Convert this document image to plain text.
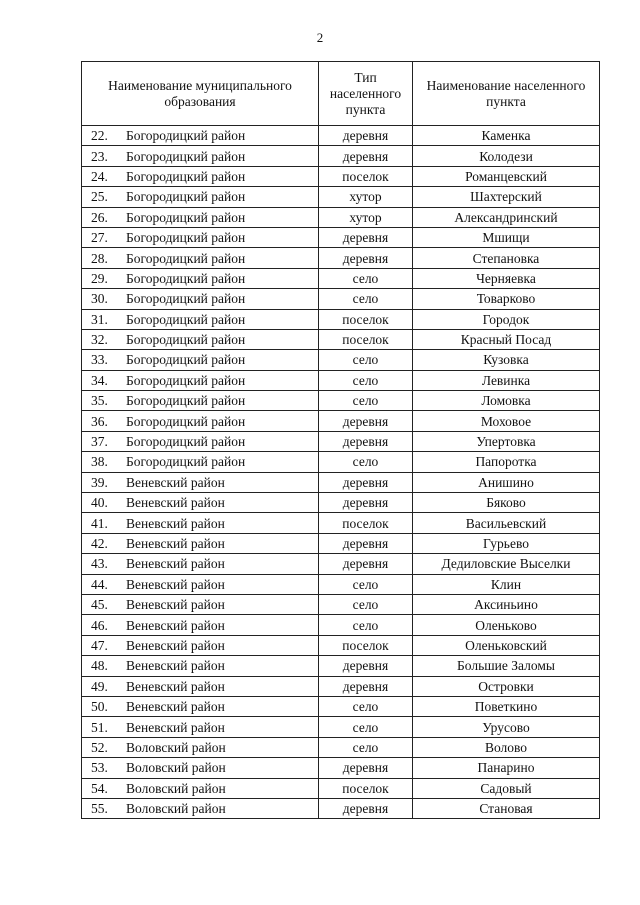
2
Наименование муниципального образования	Тип населенного пункта	Наименование населенного пункта
22. Богородицкий район	деревня	Каменка
23. Богородицкий район	деревня	Колодези
24. Богородицкий район	поселок	Романцевский
25. Богородицкий район	хутор	Шахтерский
26. Богородицкий район	хутор	Александринский
27. Богородицкий район	деревня	Мшищи
28. Богородицкий район	деревня	Степановка
29. Богородицкий район	село	Черняевка
30. Богородицкий район	село	Товарково
31. Богородицкий район	поселок	Городок
32. Богородицкий район	поселок	Красный Посад
33. Богородицкий район	село	Кузовка
34. Богородицкий район	село	Левинка
35. Богородицкий район	село	Ломовка
36. Богородицкий район	деревня	Моховое
37. Богородицкий район	деревня	Упертовка
38. Богородицкий район	село	Папоротка
39. Веневский район	деревня	Анишино
40. Веневский район	деревня	Бяково
41. Веневский район	поселок	Васильевский
42. Веневский район	деревня	Гурьево
43. Веневский район	деревня	Дедиловские Выселки
44. Веневский район	село	Клин
45. Веневский район	село	Аксиньино
46. Веневский район	село	Оленьково
47. Веневский район	поселок	Оленьковский
48. Веневский район	деревня	Большие Заломы
49. Веневский район	деревня	Островки
50. Веневский район	село	Поветкино
51. Веневский район	село	Урусово
52. Воловский район	село	Волово
53. Воловский район	деревня	Панарино
54. Воловский район	поселок	Садовый
55. Воловский район	деревня	Становая
